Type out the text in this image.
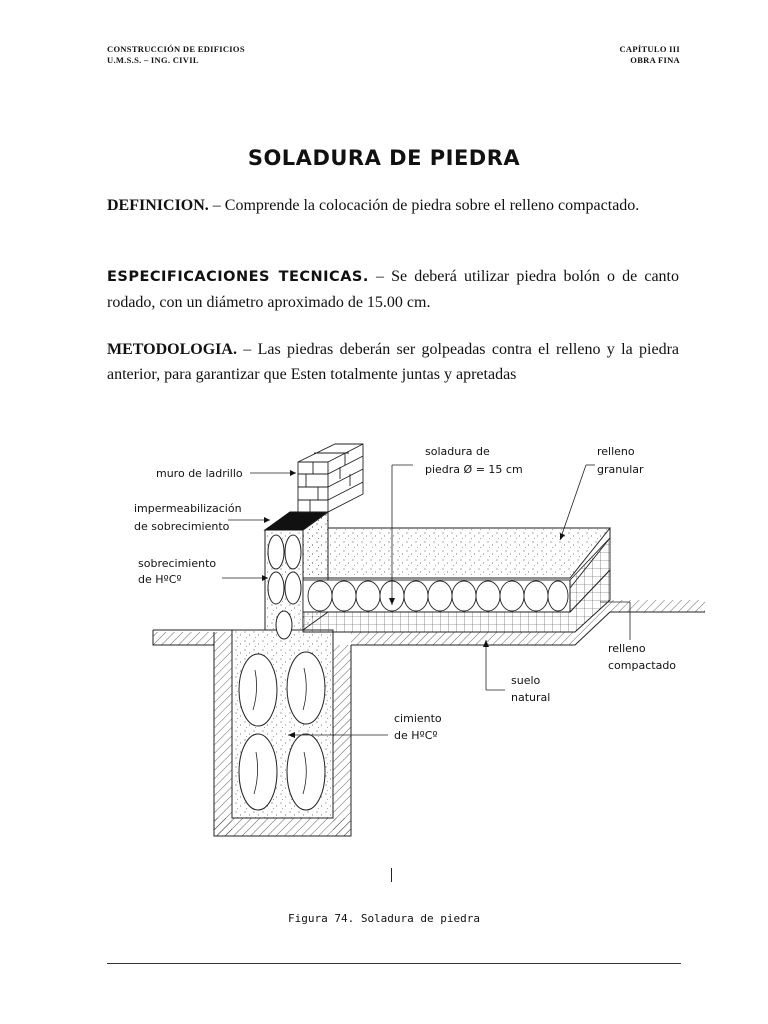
CONSTRUCCIÓN DE EDIFICIOS
U.M.S.S. – ING. CIVIL
CAPÍTULO III
OBRA FINA
SOLADURA DE PIEDRA
DEFINICION. – Comprende la colocación de piedra sobre el relleno compactado.
ESPECIFICACIONES TECNICAS. – Se deberá utilizar piedra bolón o de canto rodado, con un diámetro aproximado de 15.00 cm.
METODOLOGIA. – Las piedras deberán ser golpeadas contra el relleno y la piedra anterior, para garantizar que Esten totalmente juntas y apretadas
muro de ladrillo
impermeabilización
de sobrecimiento
sobrecimiento
de HºCº
soladura de
piedra Ø = 15 cm
relleno
granular
relleno
compactado
suelo
natural
cimiento
de HºCº
Figura 74. Soladura de piedra
